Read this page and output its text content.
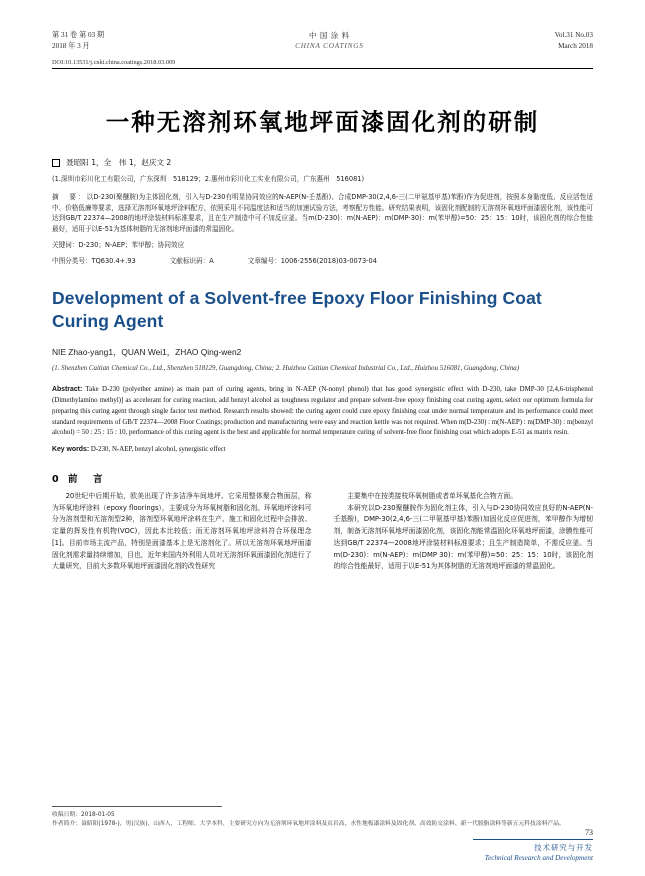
第 31 卷 第 03 期
2018 年 3 月
中 国 涂 料
CHINA COATINGS
Vol.31 No.03
March 2018
DOI:10.13531/j.cnki.china.coatings.2018.03.009
一种无溶剂环氧地坪面漆固化剂的研制
聂昭阳 1，全　伟 1，赵庆文 2
(1.深圳市彩川化工有限公司，广东深圳　518129；2.惠州市彩川化工实业有限公司，广东惠州　516081)
摘　要：以D-230(聚醚胺)为主体固化剂，引入与D-230有明显协同效应的N-AEP(N-壬基酚)、合成DMP-30(2,4,6-三(二甲氨基甲基)苯酚)作为促进剂，按照本身黏度低、反应活性适中、价格低廉等要求，选择无溶剂环氧地坪涂料配方，依照采用不同温度法和适当的加速试验方法，考察配方性能。研究结果表明，该固化剂配制的无溶剂环氧地坪面漆固化剂，该性能可达到GB/T 22374—2008的地坪涂装材料标准要求，且在生产制造中可不加反应釜。当m(D-230)：m(N-AEP)：m(DMP-30)：m(苯甲醇)=50：25：15：10时，该固化剂的综合性能最好，适用于以E-51为基体树脂的无溶剂地坪面漆的常温固化。
关键词：D-230；N-AEP；苯甲醇；协同效应
中图分类号：TQ630.4+.93	文献标识码：A	文章编号：1006-2556(2018)03-0073-04
Development of a Solvent-free Epoxy Floor Finishing Coat Curing Agent
NIE Zhao-yang1，QUAN Wei1，ZHAO Qing-wen2
(1. Shenzhen Caitian Chemical Co., Ltd., Shenzhen 518129, Guangdong, China; 2. Huizhou Caitian Chemical Industrial Co., Ltd., Huizhou 516081, Guangdong, China)
Abstract: Take D-230 (polyether amine) as main part of curing agents, bring in N-AEP (N-nonyl phenol) that has good synergistic effect with D-230, take DMP-30 [2,4,6-trisphenol (Dimethylamino methyl)] as accelerant for curing reaction, add benzyl alcohol as toughness regulator and prepare solvent-free epoxy finishing coat curing agent, select our optimum formula for preparing this curing agent through single factor test method. Research results showed: the curing agent could cure epoxy finishing coat under normal temperature and its performance could meet standard requirements of GB/T 22374—2008 Floor Coatings; production and manufacturing were easy and reaction kettle was not required. When m(D-230) : m(N-AEP) : m(DMP-30) : m(benzyl alcohol) = 50 : 25 : 15 : 10, performance of this curing agent is the best and applicable for normal temperature curing of solvent-free floor finishing coat which adopts E-51 as matrix resin.
Key words: D-230, N-AEP, benzyl alcohol, synergistic effect
0 前　言

20世纪中后期开始，欧美出现了许多洁净车间地坪。它采用整体聚合物面层，称为环氧地坪涂料（epoxy floorings），主要成分为环氧树脂和固化剂。环氧地坪涂料可分为溶剂型和无溶剂型2种，溶剂型环氧地坪涂料在生产、施工和固化过程中会排放、定量的挥发性有机物(VOC)，因此本比较低；而无溶剂环氧地坪涂料符合环保理念[1]。目前市场主流产品，特别是面漆基本上是无溶剂化了。所以无溶剂环氧地坪面漆固化剂需求量持续增加，目也，近年来国内外利用人员对无溶剂环氧面漆固化剂进行了大量研究，目前大多数环氧地坪面漆固化剂的改性研究

主要集中在按类接枝环氧树脂或者单环氧基化合物方面。

本研究以D-230聚醚胺作为固化剂主体，引入与D-230协同效应良好的N-AEP(N-壬基酚)，DMP-30(2,4,6-三(二甲氨基甲基)苯酚)加固化反应促进剂，苯甲醇作为增韧剂，制备无溶剂环氧地坪面漆固化剂，该固化剂能常温固化环氧地坪面漆，涂膜性能可达到GB/T 22374—2008地坪涂装材料标准要求；且生产制造简单，不需反应釜。当m(D-230)：m(N-AEP)：m(DMP 30)：m(苯甲醇)=50：25：15：10时，该固化剂的综合性能最好，适用于以E-51为其体树脂的无溶剂地坪面漆的常温固化。

收稿日期：2018-01-05
作者简介：聂昭阳(1978-)，男(汉族)，山西人，工程师，大学本科，主要研究方向为无溶剂环氧地坪涂料及页岩高、水性地板漆涂料及固化剂、高效防交涂料、新一代脱脂涂料等新五元科技涂料产品。
73
技术研究与开发
Technical Research and Development
